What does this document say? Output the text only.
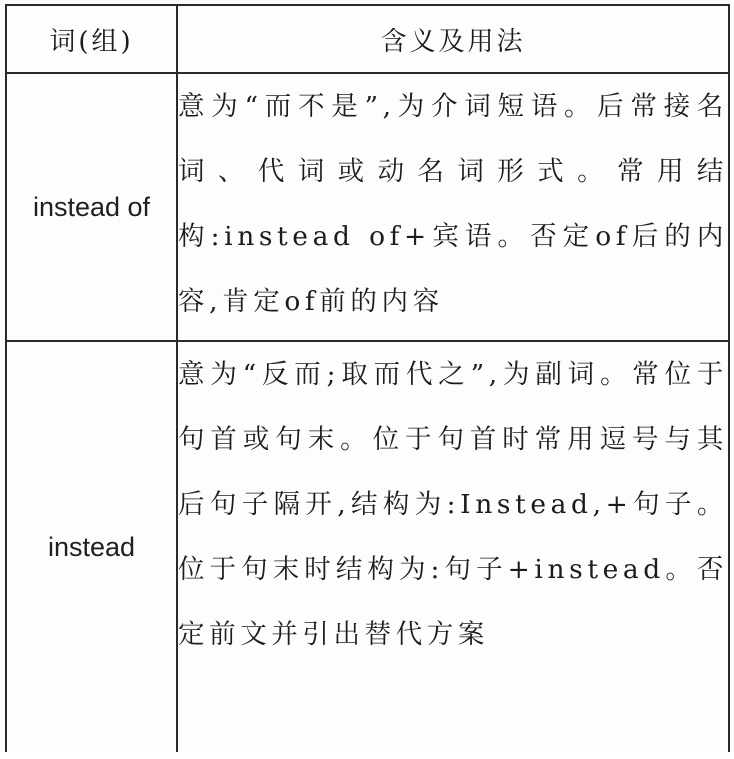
词(组)	含义及用法
instead of	意为“而不是”,为介词短语。后常接名词、代词或动名词形式。常用结构:instead of+宾语。否定of后的内容,肯定of前的内容
instead	意为“反而;取而代之”,为副词。常位于句首或句末。位于句首时常用逗号与其后句子隔开,结构为:Instead,+句子。位于句末时结构为:句子+instead。否定前文并引出替代方案
